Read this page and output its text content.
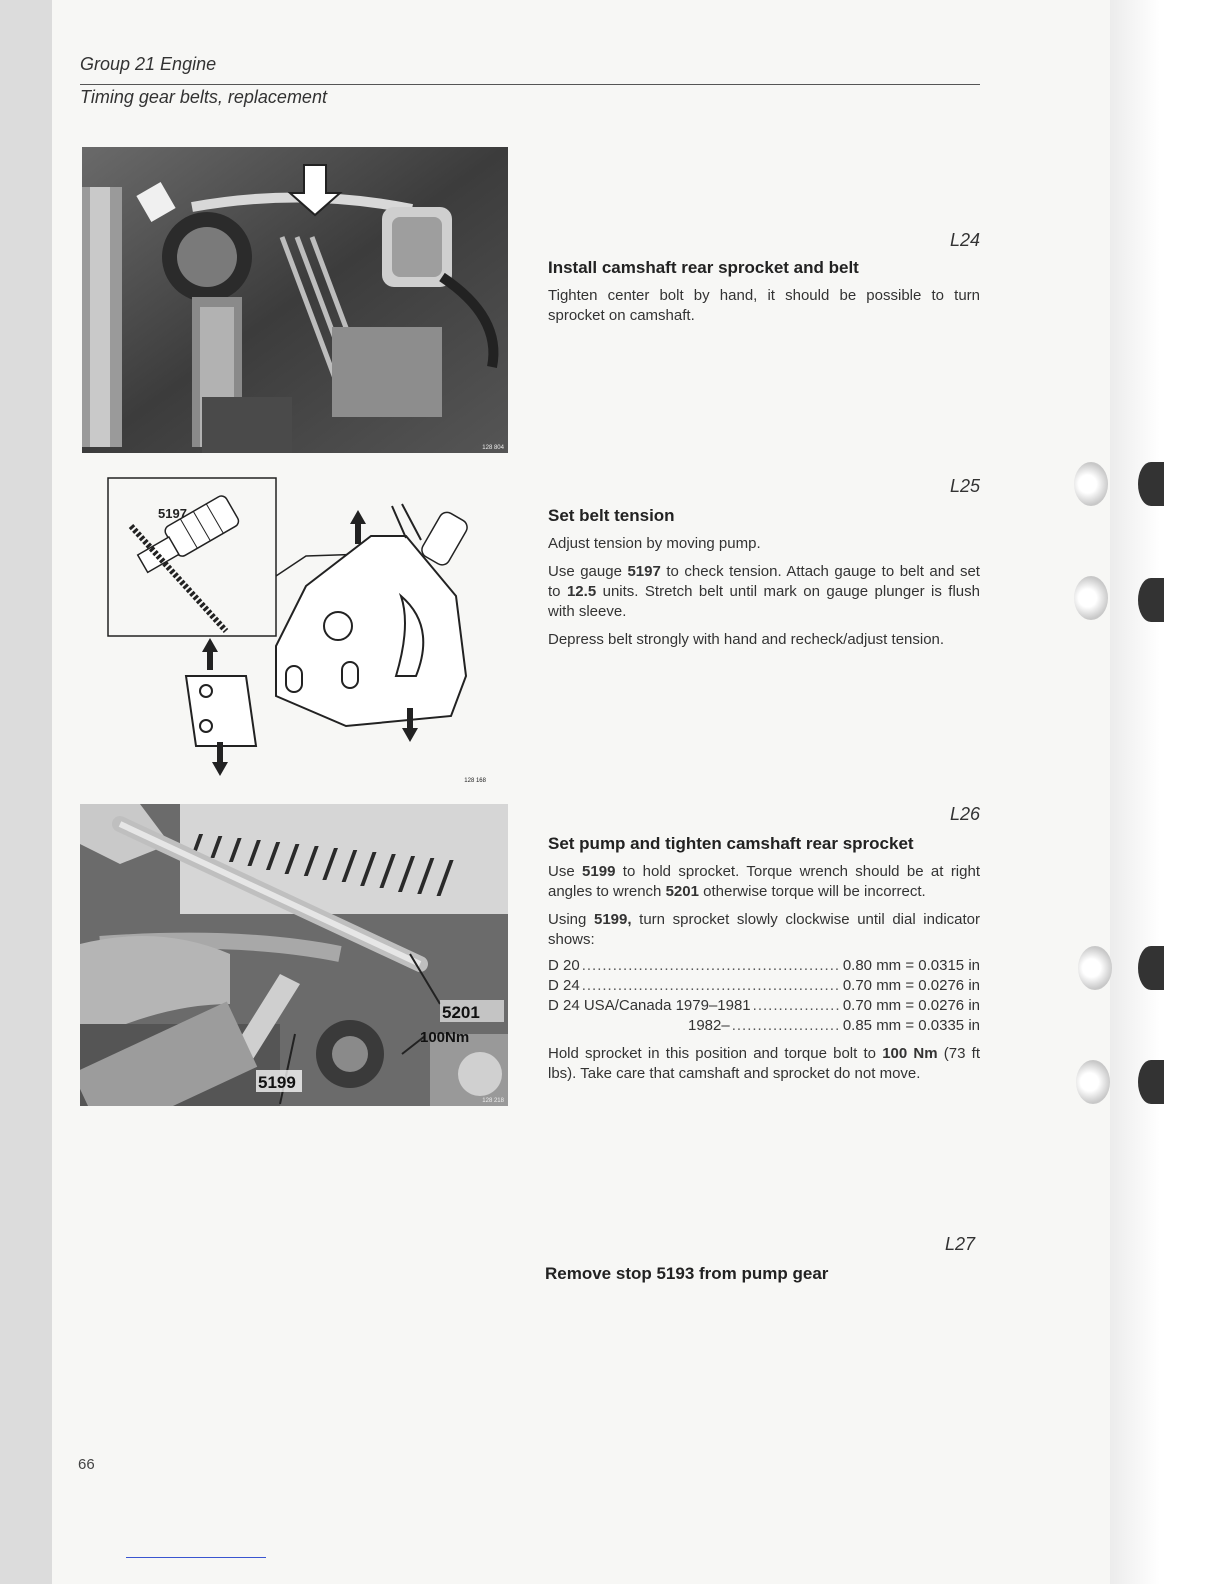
Group 21 Engine
Timing gear belts, replacement
128 804
5197
128 168
5201
100Nm
5199
128 218
L24

Install camshaft rear sprocket and belt

Tighten center bolt by hand, it should be possible to turn sprocket on camshaft.

L25

Set belt tension

Adjust tension by moving pump.

Use gauge 5197 to check tension. Attach gauge to belt and set to 12.5 units. Stretch belt until mark on gauge plunger is flush with sleeve.

Depress belt strongly with hand and recheck/adjust tension.

L26

Set pump and tighten camshaft rear sprocket

Use 5199 to hold sprocket. Torque wrench should be at right angles to wrench 5201 otherwise torque will be incorrect.

Using 5199, turn sprocket slowly clockwise until dial indicator shows:

D 20 .....	0.80 mm = 0.0315 in
D 24 .....	0.70 mm = 0.0276 in
D 24 USA/Canada 1979–1981 .....	0.70 mm = 0.0276 in
1982– .....	0.85 mm = 0.0335 in

Hold sprocket in this position and torque bolt to 100 Nm (73 ft lbs). Take care that camshaft and sprocket do not move.

L27

Remove stop 5193 from pump gear

66
